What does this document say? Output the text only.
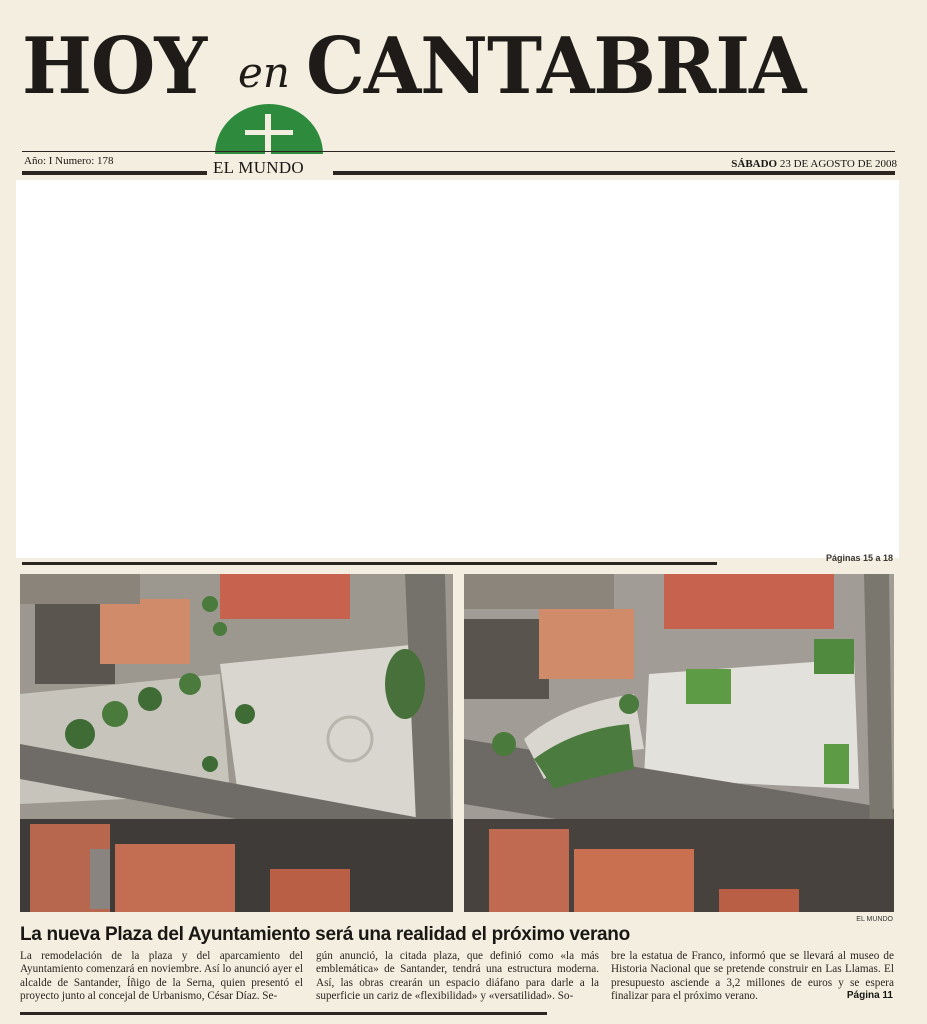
HOY en CANTABRIA
Año: I Numero: 178	EL MUNDO	SÁBADO 23 DE AGOSTO DE 2008
Páginas 15 a 18
EL MUNDO
La nueva Plaza del Ayuntamiento será una realidad el próximo verano

La remodelación de la plaza y del aparcamiento del Ayuntamiento comenzará en noviembre. Así lo anunció ayer el alcalde de Santander, Íñigo de la Serna, quien presentó el proyecto junto al concejal de Urbanismo, César Díaz. Se-

gún anunció, la citada plaza, que definió como «la más emblemática» de Santander, tendrá una estructura moderna. Así, las obras crearán un espacio diáfano para darle a la superficie un cariz de «flexibilidad» y «versatilidad». So-

bre la estatua de Franco, informó que se llevará al museo de Historia Nacional que se pretende construir en Las Llamas. El presupuesto asciende a 3,2 millones de euros y se espera finalizar para el próximo verano.	Página 11
